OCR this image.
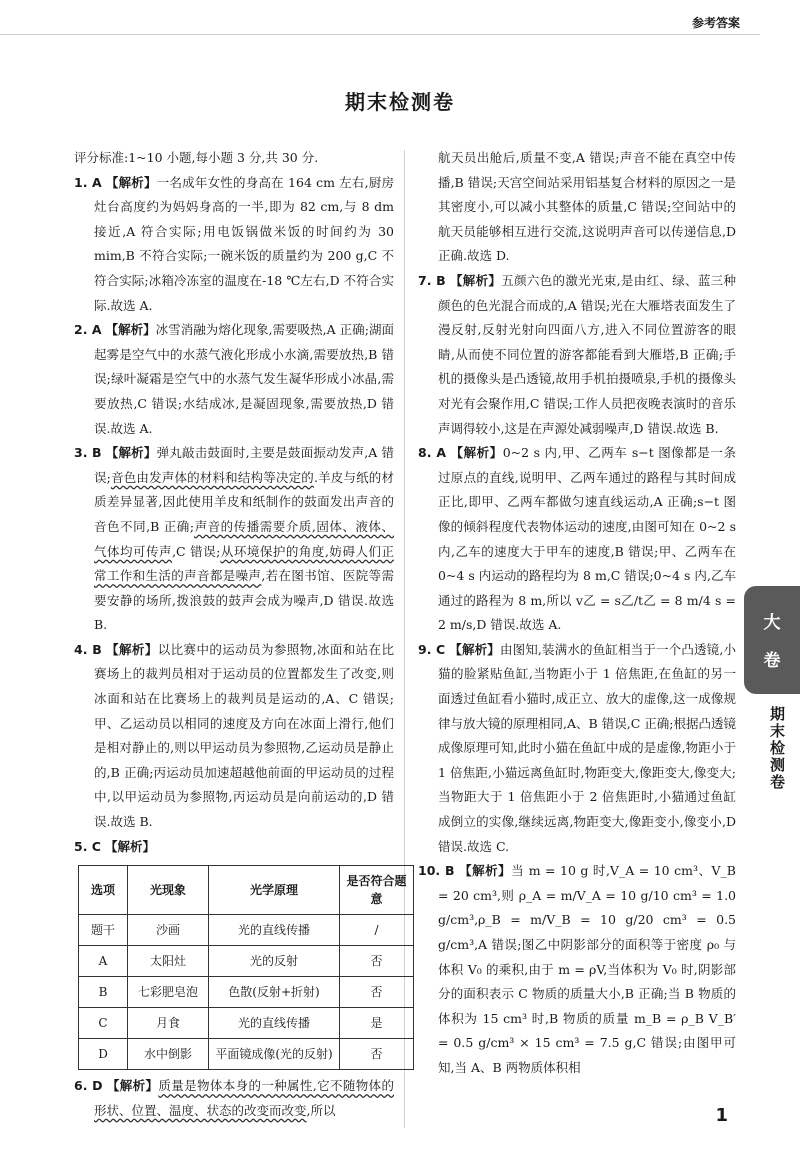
参考答案
期末检测卷

评分标准:1~10 小题,每小题 3 分,共 30 分.

1. A 【解析】一名成年女性的身高在 164 cm 左右,厨房灶台高度约为妈妈身高的一半,即为 82 cm,与 8 dm 接近,A 符合实际;用电饭锅做米饭的时间约为 30 mim,B 不符合实际;一碗米饭的质量约为 200 g,C 不符合实际;冰箱冷冻室的温度在-18 ℃左右,D 不符合实际.故选 A.

2. A 【解析】冰雪消融为熔化现象,需要吸热,A 正确;湖面起雾是空气中的水蒸气液化形成小水滴,需要放热,B 错误;绿叶凝霜是空气中的水蒸气发生凝华形成小冰晶,需要放热,C 错误;水结成冰,是凝固现象,需要放热,D 错误.故选 A.

3. B 【解析】弹丸敲击鼓面时,主要是鼓面振动发声,A 错误;音色由发声体的材料和结构等决定的.羊皮与纸的材质差异显著,因此使用羊皮和纸制作的鼓面发出声音的音色不同,B 正确;声音的传播需要介质,固体、液体、气体均可传声,C 错误;从环境保护的角度,妨碍人们正常工作和生活的声音都是噪声,若在图书馆、医院等需要安静的场所,拨浪鼓的鼓声会成为噪声,D 错误.故选 B.

4. B 【解析】以比赛中的运动员为参照物,冰面和站在比赛场上的裁判员相对于运动员的位置都发生了改变,则冰面和站在比赛场上的裁判员是运动的,A、C 错误;甲、乙运动员以相同的速度及方向在冰面上滑行,他们是相对静止的,则以甲运动员为参照物,乙运动员是静止的,B 正确;丙运动员加速超越他前面的甲运动员的过程中,以甲运动员为参照物,丙运动员是向前运动的,D 错误.故选 B.

5. C 【解析】

选项	光现象	光学原理	是否符合题意
题干	沙画	光的直线传播	/
A	太阳灶	光的反射	否
B	七彩肥皂泡	色散(反射+折射)	否
C	月食	光的直线传播	是
D	水中倒影	平面镜成像(光的反射)	否

6. D 【解析】质量是物体本身的一种属性,它不随物体的形状、位置、温度、状态的改变而改变,所以

航天员出舱后,质量不变,A 错误;声音不能在真空中传播,B 错误;天宫空间站采用铝基复合材料的原因之一是其密度小,可以减小其整体的质量,C 错误;空间站中的航天员能够相互进行交流,这说明声音可以传递信息,D 正确.故选 D.

7. B 【解析】五颜六色的激光光束,是由红、绿、蓝三种颜色的色光混合而成的,A 错误;光在大雁塔表面发生了漫反射,反射光射向四面八方,进入不同位置游客的眼睛,从而使不同位置的游客都能看到大雁塔,B 正确;手机的摄像头是凸透镜,故用手机拍摄喷泉,手机的摄像头对光有会聚作用,C 错误;工作人员把夜晚表演时的音乐声调得较小,这是在声源处减弱噪声,D 错误.故选 B.

8. A 【解析】0~2 s 内,甲、乙两车 s−t 图像都是一条过原点的直线,说明甲、乙两车通过的路程与其时间成正比,即甲、乙两车都做匀速直线运动,A 正确;s−t 图像的倾斜程度代表物体运动的速度,由图可知在 0~2 s 内,乙车的速度大于甲车的速度,B 错误;甲、乙两车在 0~4 s 内运动的路程均为 8 m,C 错误;0~4 s 内,乙车通过的路程为 8 m,所以 v乙 = s乙/t乙 = 8 m/4 s = 2 m/s,D 错误.故选 A.

9. C 【解析】由图知,装满水的鱼缸相当于一个凸透镜,小猫的脸紧贴鱼缸,当物距小于 1 倍焦距,在鱼缸的另一面透过鱼缸看小猫时,成正立、放大的虚像,这一成像规律与放大镜的原理相同,A、B 错误,C 正确;根据凸透镜成像原理可知,此时小猫在鱼缸中成的是虚像,物距小于 1 倍焦距,小猫远离鱼缸时,物距变大,像距变大,像变大;当物距大于 1 倍焦距小于 2 倍焦距时,小猫通过鱼缸成倒立的实像,继续远离,物距变大,像距变小,像变小,D 错误.故选 C.

10. B 【解析】当 m = 10 g 时,V_A = 10 cm³、V_B = 20 cm³,则 ρ_A = m/V_A = 10 g/10 cm³ = 1.0 g/cm³,ρ_B = m/V_B = 10 g/20 cm³ = 0.5 g/cm³,A 错误;图乙中阴影部分的面积等于密度 ρ₀ 与体积 V₀ 的乘积,由于 m = ρV,当体积为 V₀ 时,阴影部分的面积表示 C 物质的质量大小,B 正确;当 B 物质的体积为 15 cm³ 时,B 物质的质量 m_B = ρ_B V_B′ = 0.5 g/cm³ × 15 cm³ = 7.5 g,C 错误;由图甲可知,当 A、B 两物质体积相

大
卷
期末检测卷
1
